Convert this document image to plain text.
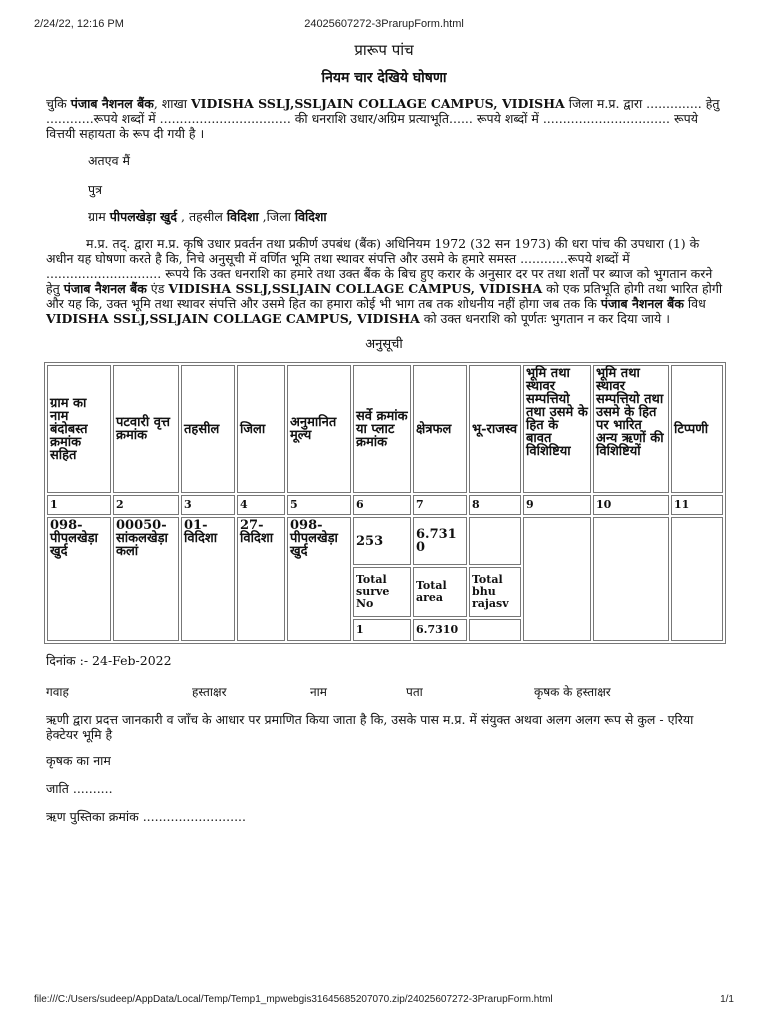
2/24/22, 12:16 PM	24025607272-3PrarupForm.html
प्रारूप पांच
नियम चार देखिये घोषणा
चुकि पंजाब नैशनल बैंक, शाखा VIDISHA SSLJ,SSLJAIN COLLAGE CAMPUS, VIDISHA जिला म.प्र. द्वारा .............. हेतु ............रूपये शब्दों में ................................. की धनराशि उधार/अग्रिम प्रत्याभूति...... रूपये शब्दों में ................................ रूपये वित्तयी सहायता के रूप दी गयी है ।
अतएव मैं
पुत्र
ग्राम पीपलखेड़ा खुर्द , तहसील विदिशा ,जिला विदिशा
म.प्र. तद्. द्वारा म.प्र. कृषि उधार प्रवर्तन तथा प्रकीर्ण उपबंध (बैंक) अधिनियम 1972 (32 सन 1973) की धरा पांच की उपधारा (1) के अधीन यह घोषणा करते है कि, निचे अनुसूची में वर्णित भूमि तथा स्थावर संपत्ति और उसमे के हमारे समस्त ............रूपये शब्दों में ............................. रूपये कि उक्त धनराशि का हमारे तथा उक्त बैंक के बिच हुए करार के अनुसार दर पर तथा शर्तों पर ब्याज को भुगतान करने हेतु पंजाब नैशनल बैंक एंड VIDISHA SSLJ,SSLJAIN COLLAGE CAMPUS, VIDISHA को एक प्रतिभूति होगी तथा भारित होगी और यह कि, उक्त भूमि तथा स्थावर संपत्ति और उसमे हित का हमारा कोई भी भाग तब तक शोधनीय नहीं होगा जब तक कि पंजाब नैशनल बैंक विध VIDISHA SSLJ,SSLJAIN COLLAGE CAMPUS, VIDISHA को उक्त धनराशि को पूर्णतः भुगतान न कर दिया जाये ।
अनुसूची
ग्राम का नाम बंदोबस्त क्रमांक सहित	पटवारी वृत्त क्रमांक	तहसील	जिला	अनुमानित मूल्य	सर्वे क्रमांक या प्लाट क्रमांक	क्षेत्रफल	भू-राजस्व	भूमि तथा स्थावर सम्पत्तियो तथा उसमे के हित के बावत विशिष्टिया	भूमि तथा स्थावर सम्पत्तियो तथा उसमे के हित पर भारित अन्य ऋणों की विशिष्टियों	टिप्पणी
1	2	3	4	5	6	7	8	9	10	11
098-पीपलखेड़ा खुर्द	00050-सांकलखेड़ा कलां	01-विदिशा	27-विदिशा	098-पीपलखेड़ा खुर्द	253	6.7310				
					Total surve No	Total area	Total bhu rajasv			
					1	6.7310				
दिनांक :- 24-Feb-2022
गवाह	हस्ताक्षर	नाम	पता	कृषक के हस्ताक्षर
ऋणी द्वारा प्रदत्त जानकारी व जाँच के आधार पर प्रमाणित किया जाता है कि, उसके पास म.प्र. में संयुक्त अथवा अलग अलग रूप से कुल - एरिया हेक्टेयर भूमि है
कृषक का नाम
जाति ..........
ऋण पुस्तिका क्रमांक ..........................
file:///C:/Users/sudeep/AppData/Local/Temp/Temp1_mpwebgis31645685207070.zip/24025607272-3PrarupForm.html	1/1
